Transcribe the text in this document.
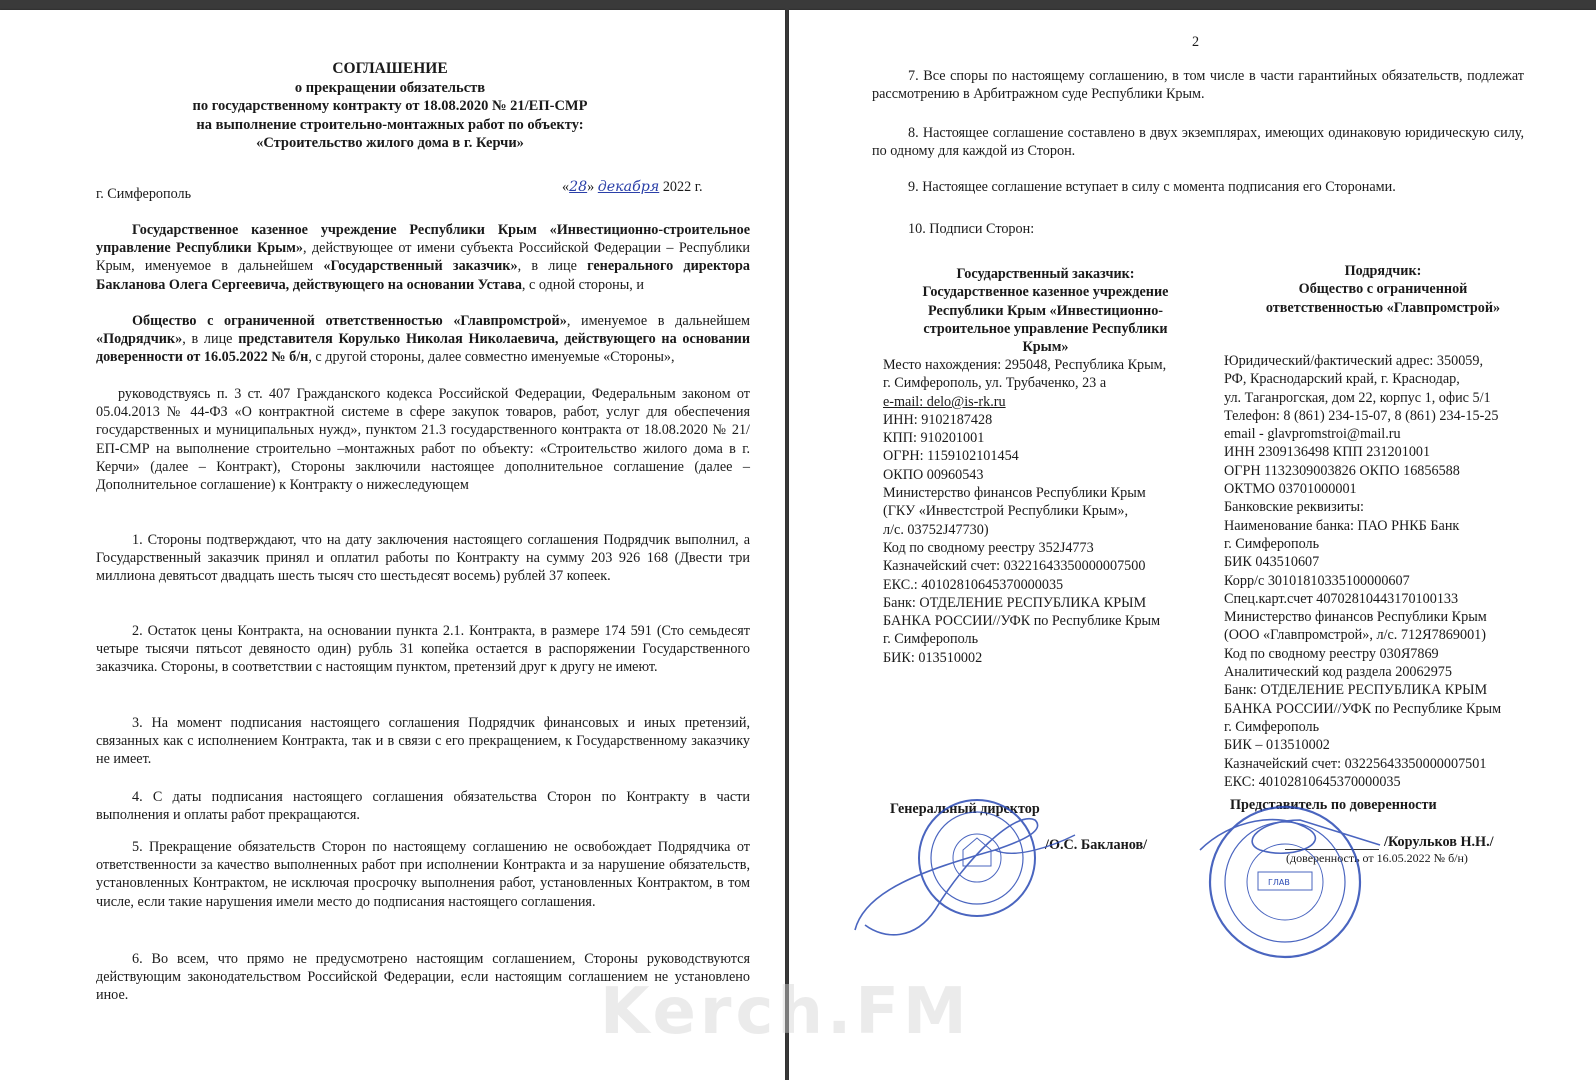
СОГЛАШЕНИЕ
о прекращении обязательств
по государственному контракту от 18.08.2020 № 21/ЕП-СМР
на выполнение строительно-монтажных работ по объекту:
«Строительство жилого дома в г. Керчи»
г. Симферополь	«28» декабря 2022 г.
Государственное казенное учреждение Республики Крым «Инвестиционно-строительное управление Республики Крым», действующее от имени субъекта Российской Федерации – Республики Крым, именуемое в дальнейшем «Государственный заказчик», в лице генерального директора Бакланова Олега Сергеевича, действующего на основании Устава, с одной стороны, и
Общество с ограниченной ответственностью «Главпромстрой», именуемое в дальнейшем «Подрядчик», в лице представителя Корулько Николая Николаевича, действующего на основании доверенности от 16.05.2022 № б/н, с другой стороны, далее совместно именуемые «Стороны»,
руководствуясь п. 3 ст. 407 Гражданского кодекса Российской Федерации, Федеральным законом от 05.04.2013 № 44-ФЗ «О контрактной системе в сфере закупок товаров, работ, услуг для обеспечения государственных и муниципальных нужд», пунктом 21.3 государственного контракта от 18.08.2020 № 21/ЕП-СМР на выполнение строительно –монтажных работ по объекту: «Строительство жилого дома в г. Керчи» (далее – Контракт), Стороны заключили настоящее дополнительное соглашение (далее – Дополнительное соглашение) к Контракту о нижеследующем
1. Стороны подтверждают, что на дату заключения настоящего соглашения Подрядчик выполнил, а Государственный заказчик принял и оплатил работы по Контракту на сумму 203 926 168 (Двести три миллиона девятьсот двадцать шесть тысяч сто шестьдесят восемь) рублей 37 копеек.
2. Остаток цены Контракта, на основании пункта 2.1. Контракта, в размере 174 591 (Сто семьдесят четыре тысячи пятьсот девяносто один) рубль 31 копейка остается в распоряжении Государственного заказчика. Стороны, в соответствии с настоящим пунктом, претензий друг к другу не имеют.
3. На момент подписания настоящего соглашения Подрядчик финансовых и иных претензий, связанных как с исполнением Контракта, так и в связи с его прекращением, к Государственному заказчику не имеет.
4. С даты подписания настоящего соглашения обязательства Сторон по Контракту в части выполнения и оплаты работ прекращаются.
5. Прекращение обязательств Сторон по настоящему соглашению не освобождает Подрядчика от ответственности за качество выполненных работ при исполнении Контракта и за нарушение обязательств, установленных Контрактом, не исключая просрочку выполнения работ, установленных Контрактом, в том числе, если такие нарушения имели место до подписания настоящего соглашения.
6. Во всем, что прямо не предусмотрено настоящим соглашением, Стороны руководствуются действующим законодательством Российской Федерации, если настоящим соглашением не установлено иное.
2
7. Все споры по настоящему соглашению, в том числе в части гарантийных обязательств, подлежат рассмотрению в Арбитражном суде Республики Крым.
8. Настоящее соглашение составлено в двух экземплярах, имеющих одинаковую юридическую силу, по одному для каждой из Сторон.
9. Настоящее соглашение вступает в силу с момента подписания его Сторонами.
10. Подписи Сторон:
Государственный заказчик:
Государственное казенное учреждение
Республики Крым «Инвестиционно-
строительное управление Республики
Крым»
Место нахождения: 295048, Республика Крым,
г. Симферополь, ул. Трубаченко, 23 а
e-mail: delo@is-rk.ru
ИНН: 9102187428
КПП: 910201001
ОГРН: 1159102101454
ОКПО 00960543
Министерство финансов Республики Крым
(ГКУ «Инвестстрой Республики Крым»,
л/с. 03752J47730)
Код по сводному реестру 352J4773
Казначейский счет: 03221643350000007500
ЕКС.: 40102810645370000035
Банк: ОТДЕЛЕНИЕ РЕСПУБЛИКА КРЫМ
БАНКА РОССИИ//УФК по Республике Крым
г. Симферополь
БИК: 013510002
Подрядчик:
Общество с ограниченной
ответственностью «Главпромстрой»
Юридический/фактический адрес: 350059,
РФ, Краснодарский край, г. Краснодар,
ул. Таганрогская, дом 22, корпус 1, офис 5/1
Телефон: 8 (861) 234-15-07, 8 (861) 234-15-25
email - glavpromstroi@mail.ru
ИНН 2309136498 КПП 231201001
ОГРН 1132309003826 ОКПО 16856588
ОКТМО 03701000001
Банковские реквизиты:
Наименование банка: ПАО РНКБ Банк
г. Симферополь
БИК 043510607
Корр/с 30101810335100000607
Спец.карт.счет 40702810443170100133
Министерство финансов Республики Крым
(ООО «Главпромстрой», л/с. 712Я7869001)
Код по сводному реестру 030Я7869
Аналитический код раздела 20062975
Банк: ОТДЕЛЕНИЕ РЕСПУБЛИКА КРЫМ
БАНКА РОССИИ//УФК по Республике Крым
г. Симферополь
БИК – 013510002
Казначейский счет: 03225643350000007501
ЕКС: 40102810645370000035
Генеральный директор
/О.С. Бакланов/
Представитель по доверенности
/Корульков Н.Н./
(доверенность от 16.05.2022 № б/н)
ГЛАВ
Kerch.FM
